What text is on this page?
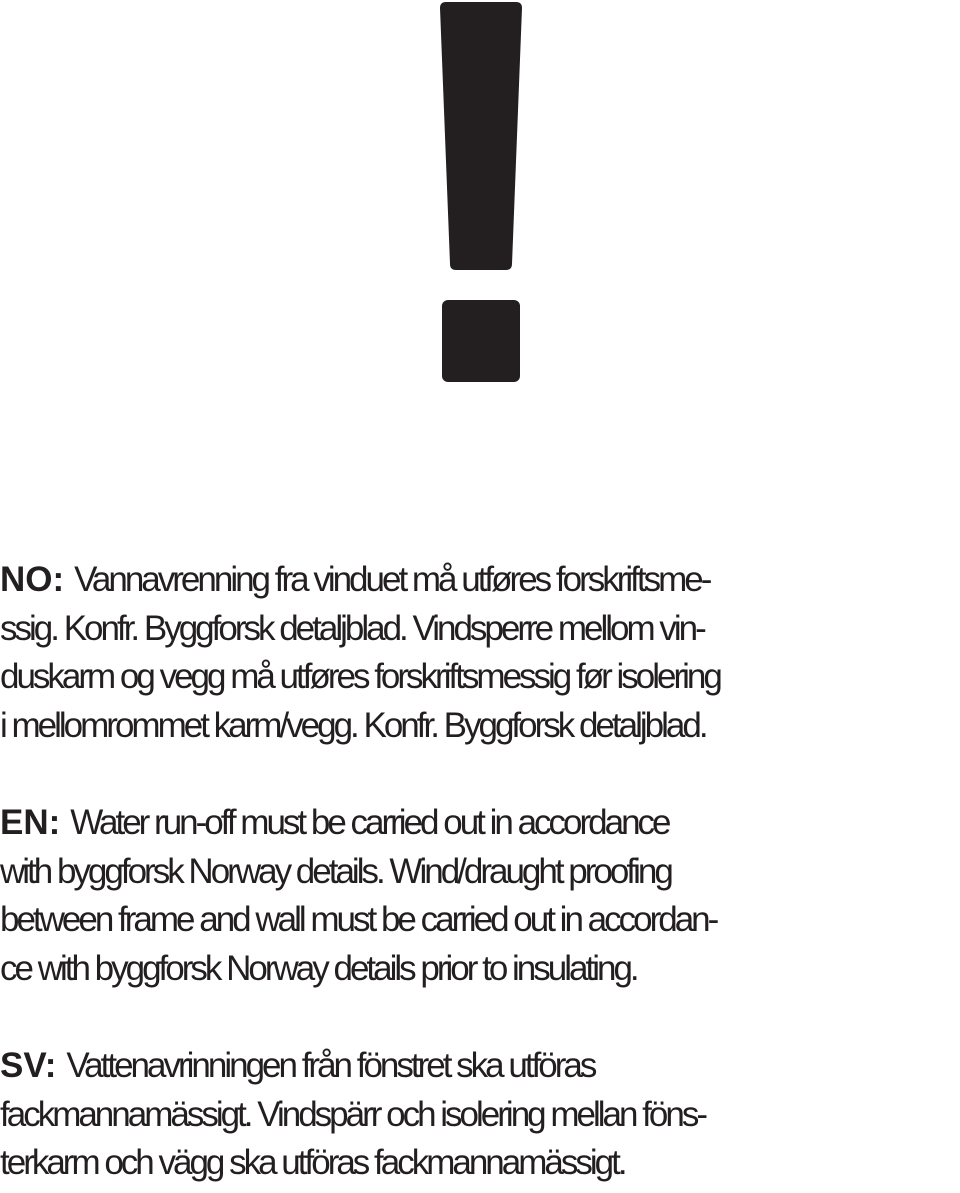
NO: Vannavrenning fra vinduet må utføres forskriftsme-
ssig. Konfr. Byggforsk detaljblad. Vindsperre mellom vin-
duskarm og vegg må utføres forskriftsmessig før isolering
i mellomrommet karm/vegg. Konfr. Byggforsk detaljblad.

EN: Water run-off must be carried out in accordance
with byggforsk Norway details. Wind/draught proofing
between frame and wall must be carried out in accordan-
ce with byggforsk Norway details prior to insulating.

SV: Vattenavrinningen från fönstret ska utföras
fackmannamässigt. Vindspärr och isolering mellan föns-
terkarm och vägg ska utföras fackmannamässigt.
